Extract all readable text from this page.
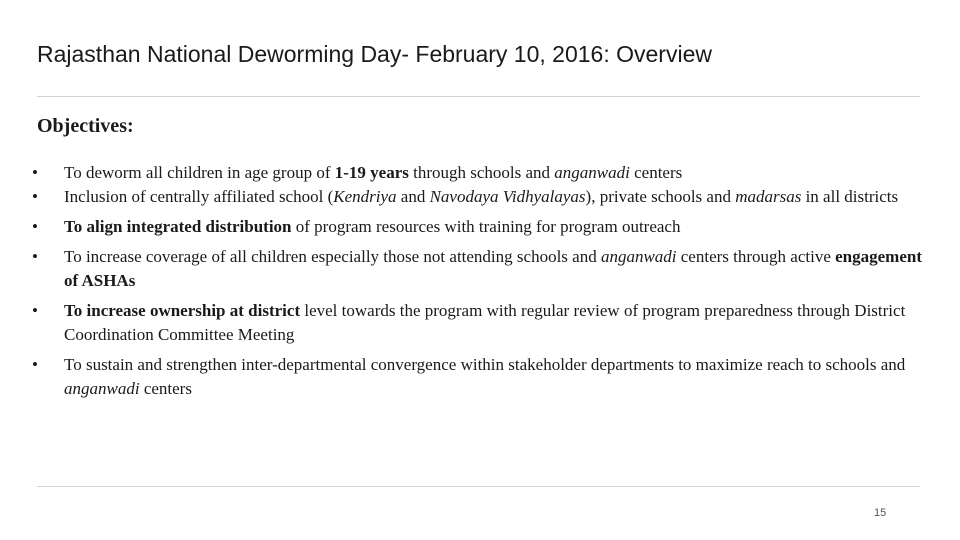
Rajasthan National Deworming Day- February 10, 2016: Overview
Objectives:
• To deworm all children in age group of 1-19 years through schools and anganwadi centers
• Inclusion of centrally affiliated school (Kendriya and Navodaya Vidhyalayas), private schools and madarsas in all districts
• To align integrated distribution of program resources with training for program outreach
• To increase coverage of all children especially those not attending schools and anganwadi centers through active engagement of ASHAs
• To increase ownership at district level towards the program with regular review of program preparedness through District Coordination Committee Meeting
• To sustain and strengthen inter-departmental convergence within stakeholder departments to maximize reach to schools and anganwadi centers
15
